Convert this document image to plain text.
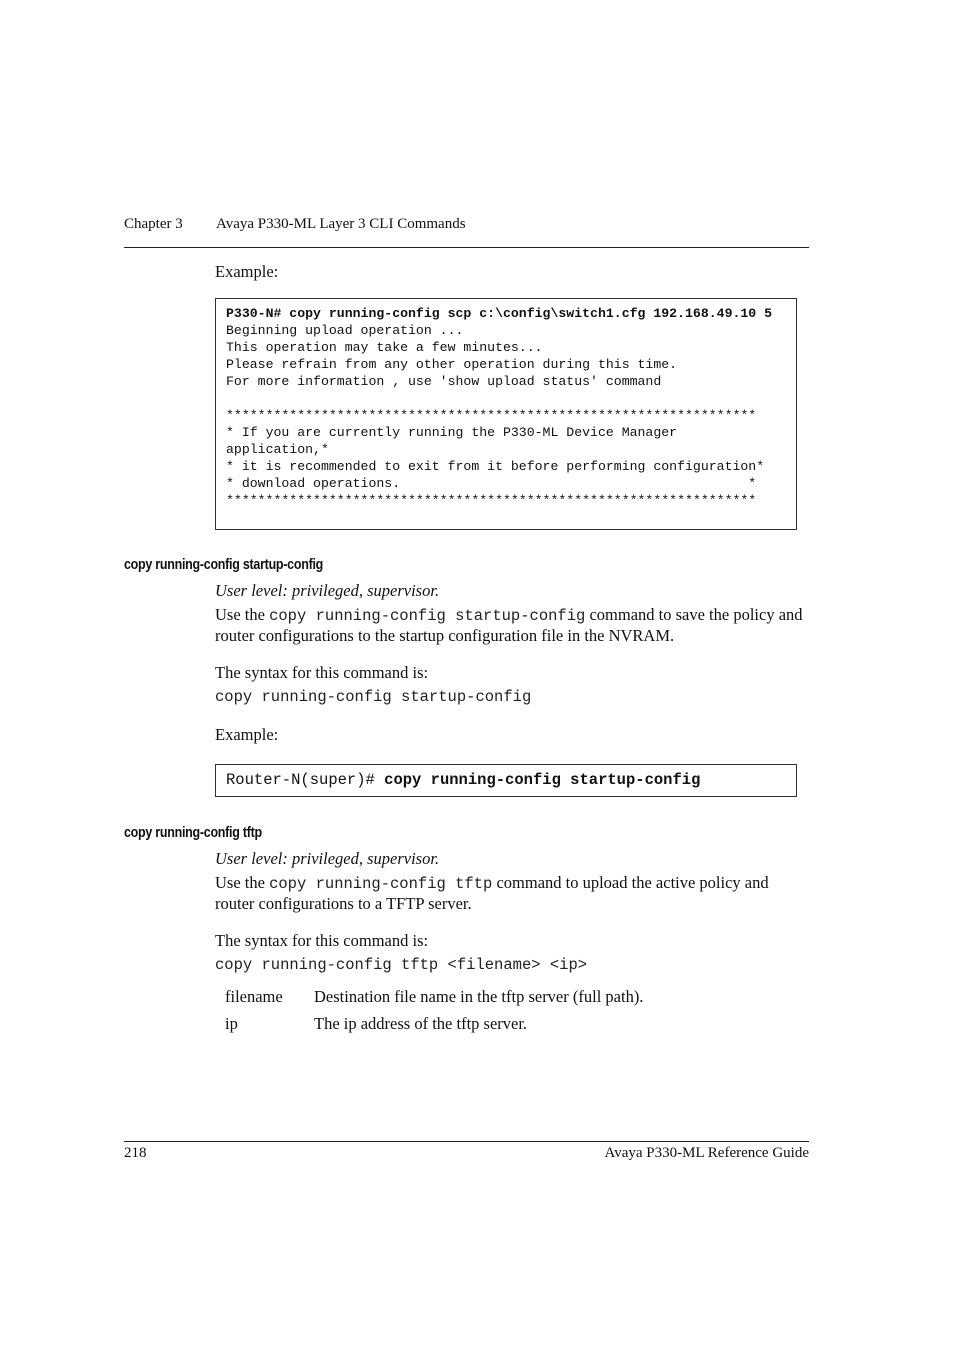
Chapter 3 Avaya P330-ML Layer 3 CLI Commands
Example:
P330-N# copy running-config scp c:\config\switch1.cfg 192.168.49.10 5
Beginning upload operation ...
This operation may take a few minutes...
Please refrain from any other operation during this time.
For more information , use 'show upload status' command
*******************************************************************
* If you are currently running the P330-ML Device Manager
application,*
* it is recommended to exit from it before performing configuration*
* download operations.                                            *
*******************************************************************
copy running-config startup-config
User level: privileged, supervisor.
Use the copy running-config startup-config command to save the policy and router configurations to the startup configuration file in the NVRAM.
The syntax for this command is:
copy running-config startup-config
Example:
Router-N(super)# copy running-config startup-config
copy running-config tftp
User level: privileged, supervisor.
Use the copy running-config tftp command to upload the active policy and router configurations to a TFTP server.
The syntax for this command is:
copy running-config tftp <filename> <ip>
filename Destination file name in the tftp server (full path).
ip	The ip address of the tftp server.
218	Avaya P330-ML Reference Guide
